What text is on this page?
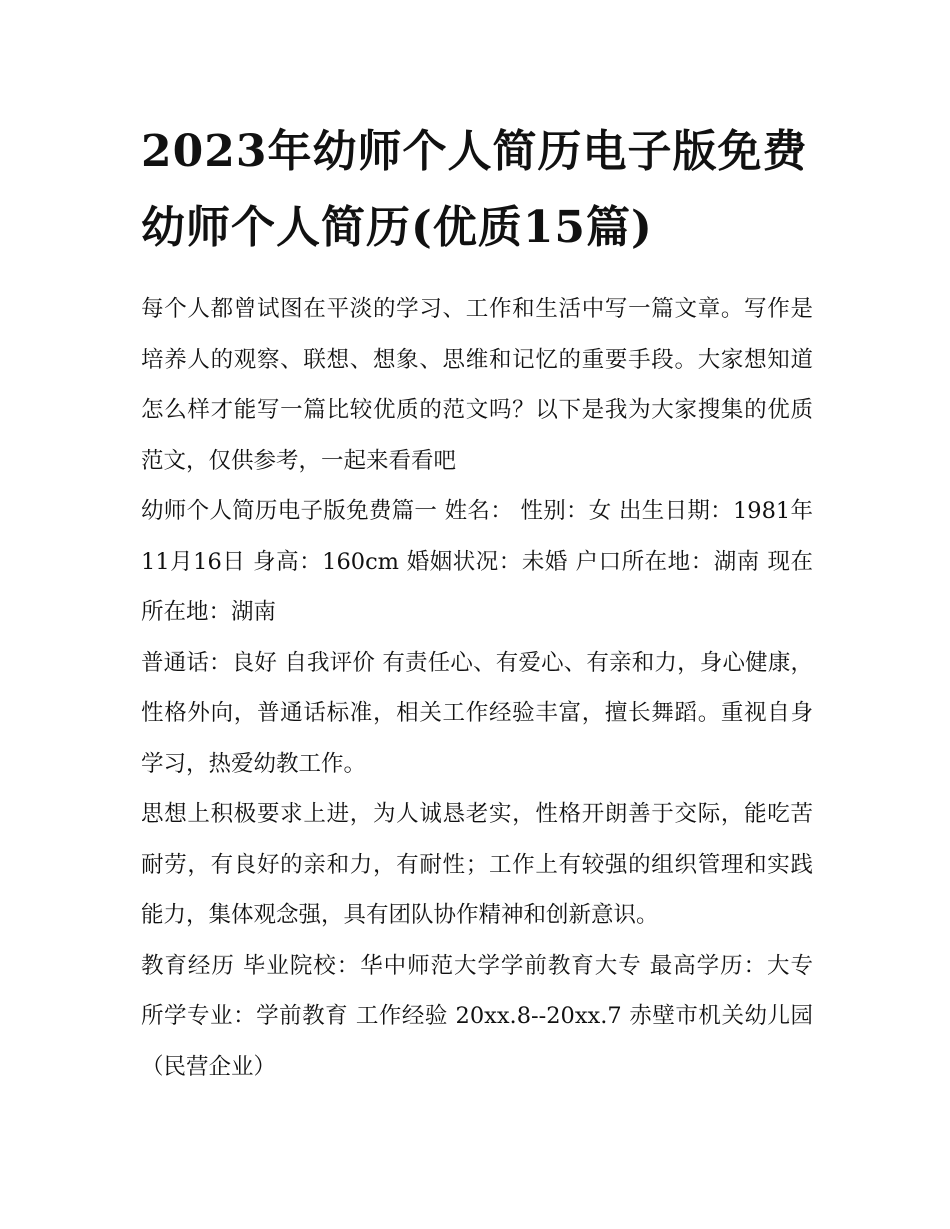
2023年幼师个人简历电子版免费 幼师个人简历(优质15篇)

每个人都曾试图在平淡的学习、工作和生活中写一篇文章。写作是培养人的观察、联想、想象、思维和记忆的重要手段。大家想知道怎么样才能写一篇比较优质的范文吗？以下是我为大家搜集的优质范文，仅供参考，一起来看看吧

幼师个人简历电子版免费篇一 姓名： 性别：女 出生日期：1981年11月16日 身高：160cm 婚姻状况：未婚 户口所在地：湖南 现在所在地：湖南

普通话：良好 自我评价 有责任心、有爱心、有亲和力，身心健康，性格外向，普通话标准，相关工作经验丰富，擅长舞蹈。重视自身学习，热爱幼教工作。

思想上积极要求上进，为人诚恳老实，性格开朗善于交际，能吃苦耐劳，有良好的亲和力，有耐性；工作上有较强的组织管理和实践能力，集体观念强，具有团队协作精神和创新意识。

教育经历 毕业院校：华中师范大学学前教育大专 最高学历：大专 所学专业：学前教育 工作经验 20xx.8--20xx.7 赤壁市机关幼儿园（民营企业）
